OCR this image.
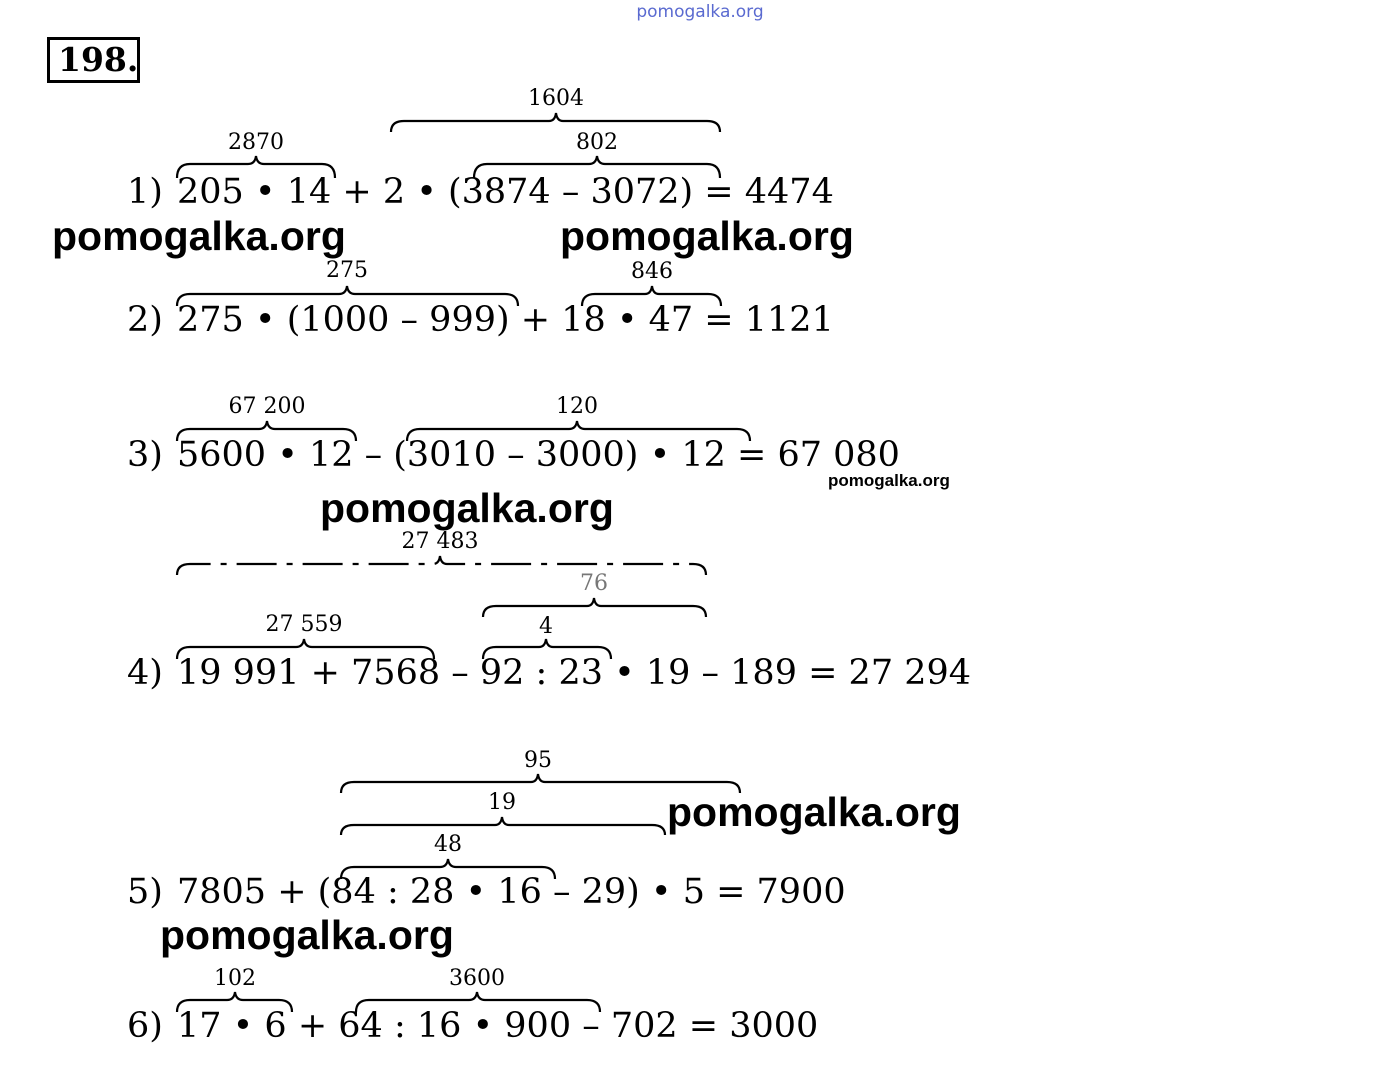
pomogalka.org
198.
2870	802
1604
275	846
67 200	120
27 559	4
76
27 483
48
19
95
102	3600
1)
2)
3)
4)
5)
6)
205 • 14 + 2 • (3874 – 3072) = 4474
275 • (1000 – 999) + 18 • 47 = 1121
5600 • 12 – (3010 – 3000) • 12 = 67 080
19 991 + 7568 – 92 : 23 • 19 – 189 = 27 294
7805 + (84 : 28 • 16 – 29) • 5 = 7900
17 • 6 + 64 : 16 • 900 – 702 = 3000
pomogalka.org	pomogalka.org
pomogalka.org
pomogalka.org
pomogalka.org
pomogalka.org
